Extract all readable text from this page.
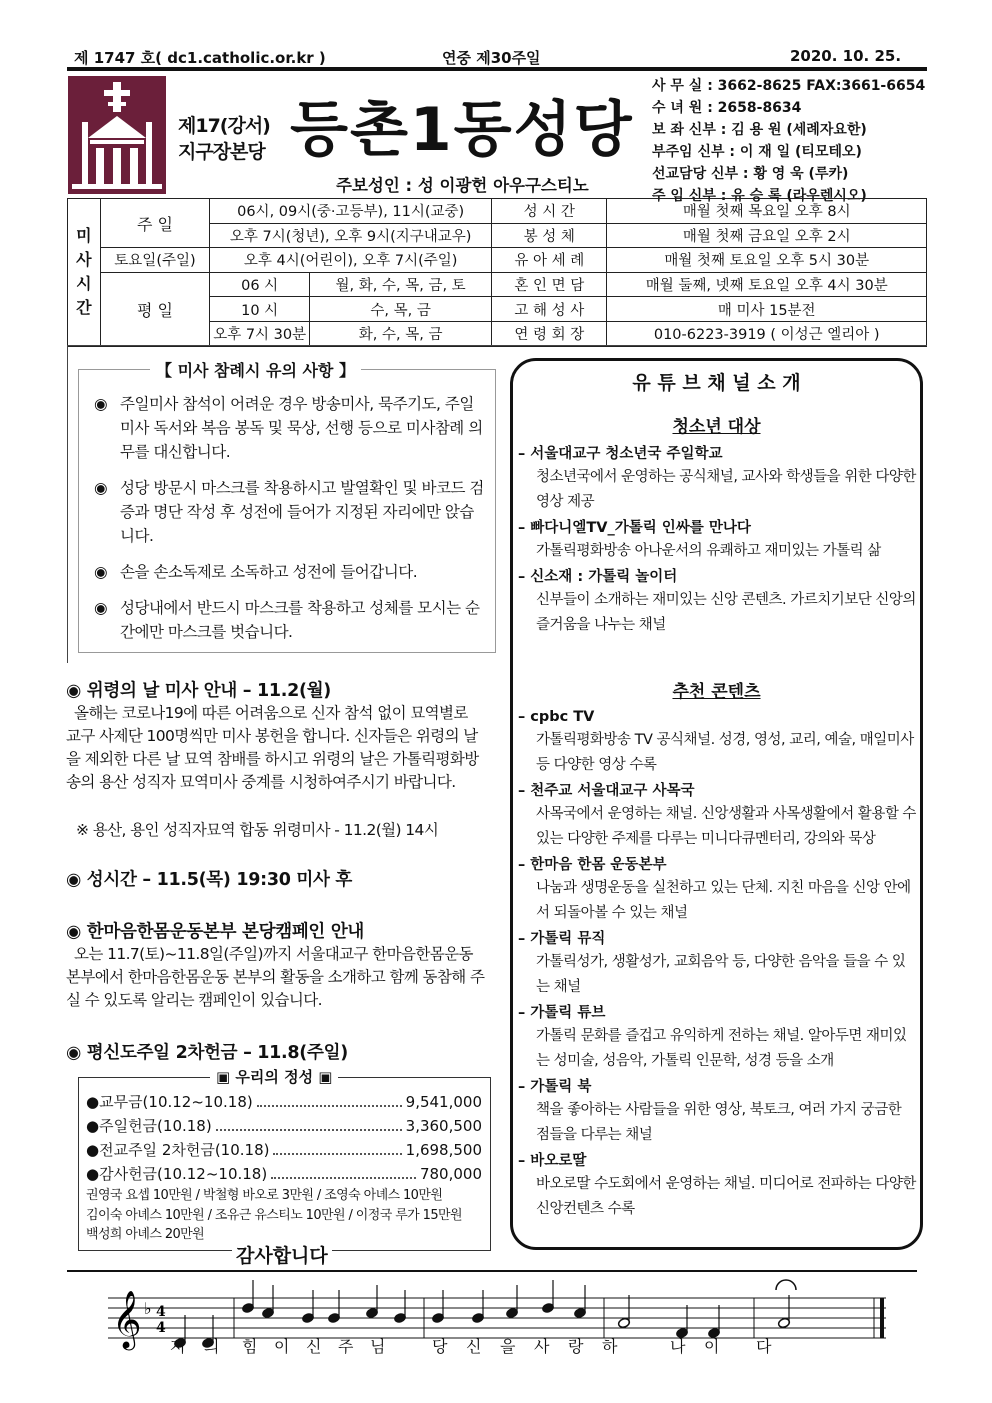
제 1747 호( dc1.catholic.or.kr )	연중 제30주일	2020. 10. 25.
제17(강서)
지구장본당 등촌1동성당
주보성인 : 성 이광헌 아우구스티노
사 무 실 : 3662-8625 FAX:3661-6654
수 녀 원 : 2658-8634
보 좌 신부 : 김 용 원 (세례자요한)
부주임 신부 : 이 재 일 (티모테오)
선교담당 신부 : 황 영 욱 (루카)
주 임 신부 : 유 승 록 (라우렌시오)
미
사
시
간	주 일	06시, 09시(중·고등부), 11시(교중)		성 시 간	매월 첫째 목요일 오후 8시
		오후 7시(청년), 오후 9시(지구내교우)		봉 성 체	매월 첫째 금요일 오후 2시
	토요일(주일)	오후 4시(어린이), 오후 7시(주일)		유 아 세 례	매월 첫째 토요일 오후 5시 30분
	평 일	06 시	월, 화, 수, 목, 금, 토	혼 인 면 담	매월 둘째, 넷째 토요일 오후 4시 30분
		10 시	수, 목, 금	고 해 성 사	매 미사 15분전
		오후 7시 30분	화, 수, 목, 금	연 령 회 장	010-6223-3919 ( 이성근 엘리아 )
【 미사 참례시 유의 사항 】
◉ 주일미사 참석이 어려운 경우 방송미사, 묵주기도, 주일미사 독서와 복음 봉독 및 묵상, 선행 등으로 미사참례 의무를 대신합니다.
◉ 성당 방문시 마스크를 착용하시고 발열확인 및 바코드 검증과 명단 작성 후 성전에 들어가 지정된 자리에만 앉습니다.
◉ 손을 손소독제로 소독하고 성전에 들어갑니다.
◉ 성당내에서 반드시 마스크를 착용하고 성체를 모시는 순간에만 마스크를 벗습니다.
◉ 위령의 날 미사 안내 – 11.2(월)
올해는 코로나19에 따른 어려움으로 신자 참석 없이 묘역별로 교구 사제단 100명씩만 미사 봉헌을 합니다. 신자들은 위령의 날을 제외한 다른 날 묘역 참배를 하시고 위령의 날은 가톨릭평화방송의 용산 성직자 묘역미사 중계를 시청하여주시기 바랍니다.
※ 용산, 용인 성직자묘역 합동 위령미사 - 11.2(월) 14시
◉ 성시간 – 11.5(목) 19:30 미사 후
◉ 한마음한몸운동본부 본당캠페인 안내
오는 11.7(토)~11.8일(주일)까지 서울대교구 한마음한몸운동 본부에서 한마음한몸운동 본부의 활동을 소개하고 함께 동참해 주실 수 있도록 알리는 캠페인이 있습니다.
◉ 평신도주일 2차헌금 – 11.8(주일)
▣ 우리의 정성 ▣
●교무금(10.12~10.18)	9,541,000
●주일헌금(10.18)	3,360,500
●전교주일 2차헌금(10.18)	1,698,500
●감사헌금(10.12~10.18)	780,000
권영국 요셉 10만원 / 박철형 바오로 3만원 / 조영숙 아녜스 10만원
김이숙 아녜스 10만원 / 조유근 유스티노 10만원 / 이정국 루가 15만원
백성희 아녜스 20만원
유 튜 브 채 널 소 개
청소년 대상
– 서울대교구 청소년국 주일학교
청소년국에서 운영하는 공식채널, 교사와 학생들을 위한 다양한 영상 제공
– 빠다니엘TV_가톨릭 인싸를 만나다
가톨릭평화방송 아나운서의 유쾌하고 재미있는 가톨릭 삶
– 신소재 : 가톨릭 놀이터
신부들이 소개하는 재미있는 신앙 콘텐츠. 가르치기보단 신앙의 즐거움을 나누는 채널
추천 콘텐츠
– cpbc TV
가톨릭평화방송 TV 공식채널. 성경, 영성, 교리, 예술, 매일미사 등 다양한 영상 수록
– 천주교 서울대교구 사목국
사목국에서 운영하는 채널. 신앙생활과 사목생활에서 활용할 수 있는 다양한 주제를 다루는 미니다큐멘터리, 강의와 묵상
– 한마음 한몸 운동본부
나눔과 생명운동을 실천하고 있는 단체. 지친 마음을 신앙 안에서 되돌아볼 수 있는 채널
– 가톨릭 뮤직
가톨릭성가, 생활성가, 교회음악 등, 다양한 음악을 들을 수 있는 채널
– 가톨릭 튜브
가톨릭 문화를 즐겁고 유익하게 전하는 채널. 알아두면 재미있는 성미술, 성음악, 가톨릭 인문학, 성경 등을 소개
– 가톨릭 북
책을 좋아하는 사람들을 위한 영상, 북토크, 여러 가지 궁금한 점들을 다루는 채널
– 바오로딸
바오로딸 수도회에서 운영하는 채널. 미디어로 전파하는 다양한 신앙컨텐츠 수록
감사합니다
𝄞 ♭ 4
4
저 의 힘 이 신 주 님	당 신 을 사 랑 하	나 이 다
